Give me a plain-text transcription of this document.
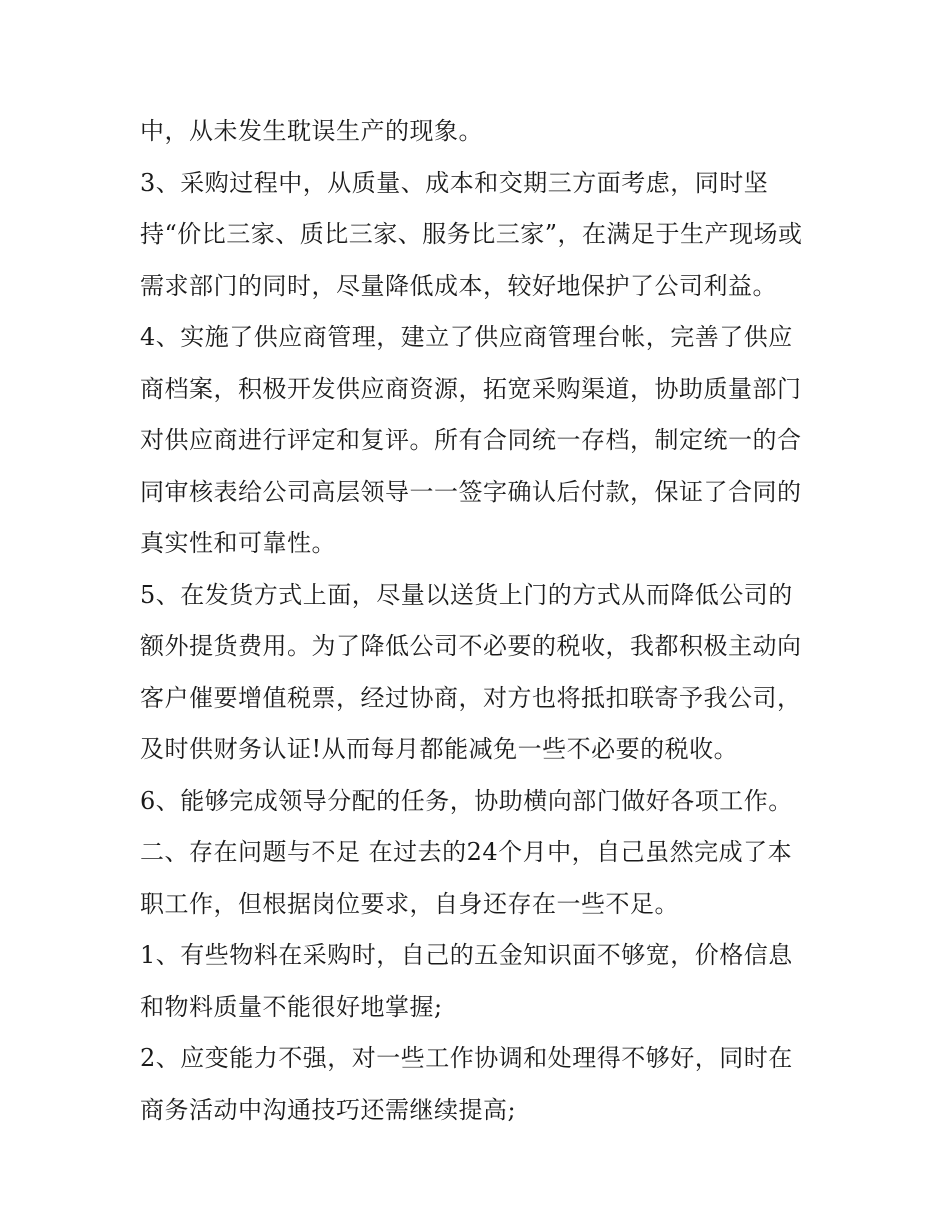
中，从未发生耽误生产的现象。
3、采购过程中，从质量、成本和交期三方面考虑，同时坚
持“价比三家、质比三家、服务比三家”，在满足于生产现场或
需求部门的同时，尽量降低成本，较好地保护了公司利益。
4、实施了供应商管理，建立了供应商管理台帐，完善了供应
商档案，积极开发供应商资源，拓宽采购渠道，协助质量部门
对供应商进行评定和复评。所有合同统一存档，制定统一的合
同审核表给公司高层领导一一签字确认后付款，保证了合同的
真实性和可靠性。
5、在发货方式上面，尽量以送货上门的方式从而降低公司的
额外提货费用。为了降低公司不必要的税收，我都积极主动向
客户催要增值税票，经过协商，对方也将抵扣联寄予我公司，
及时供财务认证!从而每月都能减免一些不必要的税收。
6、能够完成领导分配的任务，协助横向部门做好各项工作。
二、存在问题与不足 在过去的24个月中，自己虽然完成了本
职工作，但根据岗位要求，自身还存在一些不足。
1、有些物料在采购时，自己的五金知识面不够宽，价格信息
和物料质量不能很好地掌握;
2、应变能力不强，对一些工作协调和处理得不够好，同时在
商务活动中沟通技巧还需继续提高;
